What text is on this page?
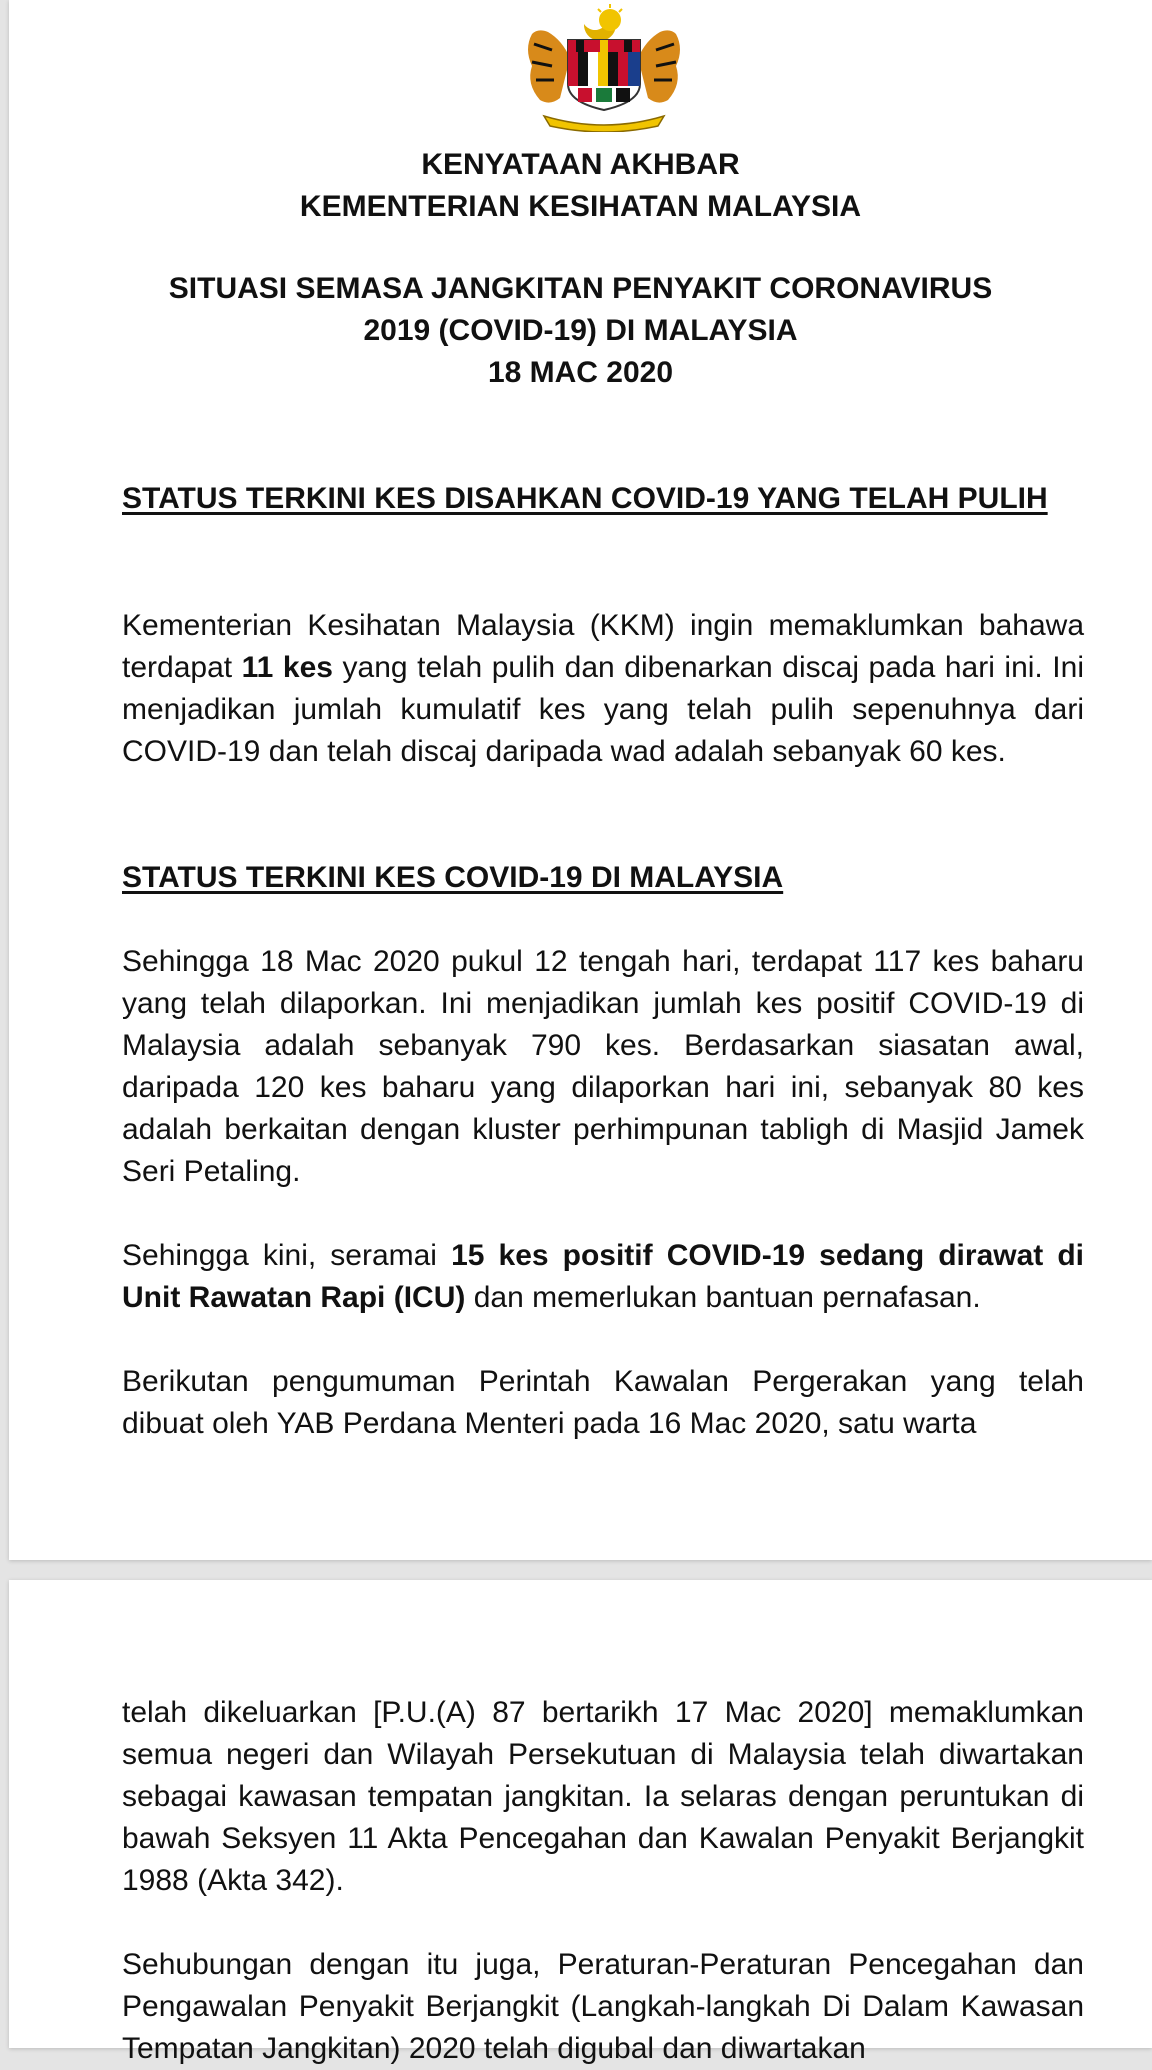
KENYATAAN AKHBAR

KEMENTERIAN KESIHATAN MALAYSIA

SITUASI SEMASA JANGKITAN PENYAKIT CORONAVIRUS

2019 (COVID-19) DI MALAYSIA

18 MAC 2020

STATUS TERKINI KES DISAHKAN COVID-19 YANG TELAH PULIH

Kementerian Kesihatan Malaysia (KKM) ingin memaklumkan bahawa terdapat 11 kes yang telah pulih dan dibenarkan discaj pada hari ini. Ini menjadikan jumlah kumulatif kes yang telah pulih sepenuhnya dari COVID-19 dan telah discaj daripada wad adalah sebanyak 60 kes.

STATUS TERKINI KES COVID-19 DI MALAYSIA

Sehingga 18 Mac 2020 pukul 12 tengah hari, terdapat 117 kes baharu yang telah dilaporkan. Ini menjadikan jumlah kes positif COVID-19 di Malaysia adalah sebanyak 790 kes. Berdasarkan siasatan awal, daripada 120 kes baharu yang dilaporkan hari ini, sebanyak 80 kes adalah berkaitan dengan kluster perhimpunan tabligh di Masjid Jamek Seri Petaling.

Sehingga kini, seramai 15 kes positif COVID-19 sedang dirawat di Unit Rawatan Rapi (ICU) dan memerlukan bantuan pernafasan.

Berikutan pengumuman Perintah Kawalan Pergerakan yang telah dibuat oleh YAB Perdana Menteri pada 16 Mac 2020, satu warta

telah dikeluarkan [P.U.(A) 87 bertarikh 17 Mac 2020] memaklumkan semua negeri dan Wilayah Persekutuan di Malaysia telah diwartakan sebagai kawasan tempatan jangkitan. Ia selaras dengan peruntukan di bawah Seksyen 11 Akta Pencegahan dan Kawalan Penyakit Berjangkit 1988 (Akta 342).

Sehubungan dengan itu juga, Peraturan-Peraturan Pencegahan dan Pengawalan Penyakit Berjangkit (Langkah-langkah Di Dalam Kawasan Tempatan Jangkitan) 2020 telah digubal dan diwartakan
